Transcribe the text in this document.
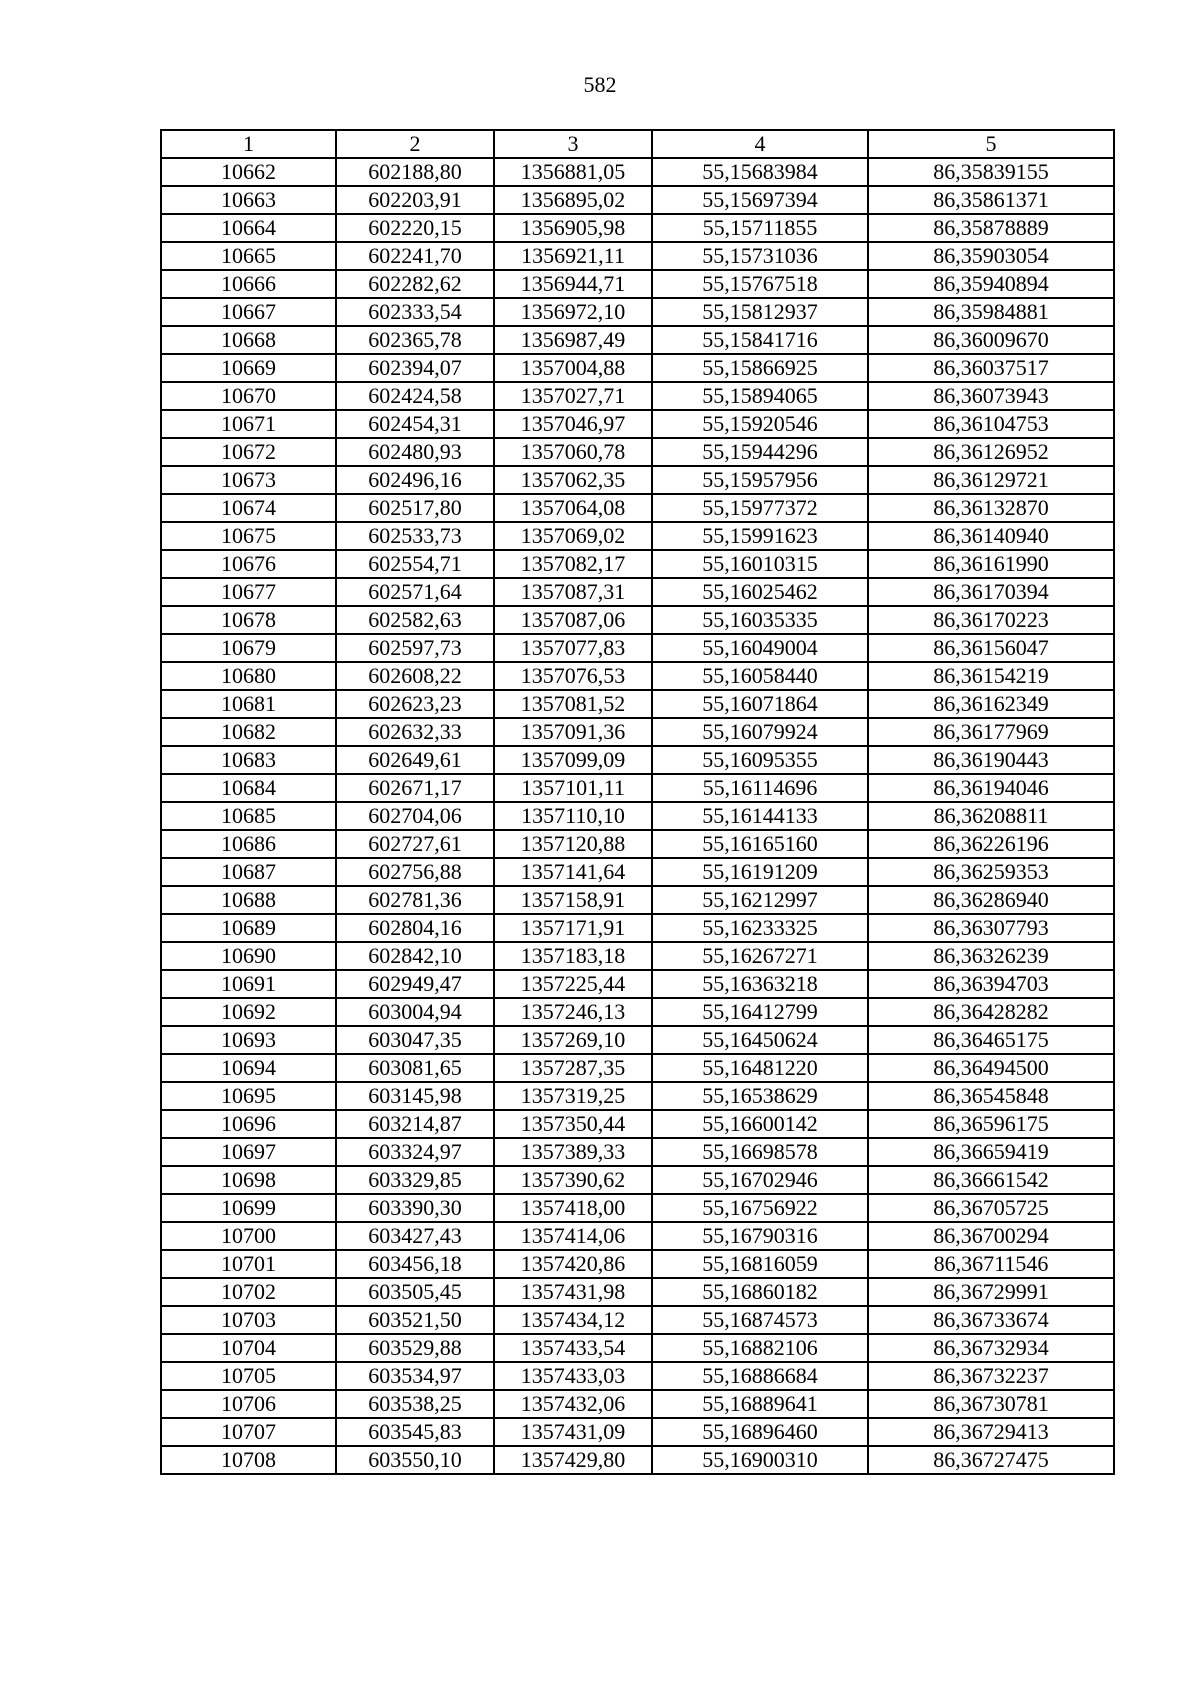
582
1	2	3	4	5
10662	602188,80	1356881,05	55,15683984	86,35839155
10663	602203,91	1356895,02	55,15697394	86,35861371
10664	602220,15	1356905,98	55,15711855	86,35878889
10665	602241,70	1356921,11	55,15731036	86,35903054
10666	602282,62	1356944,71	55,15767518	86,35940894
10667	602333,54	1356972,10	55,15812937	86,35984881
10668	602365,78	1356987,49	55,15841716	86,36009670
10669	602394,07	1357004,88	55,15866925	86,36037517
10670	602424,58	1357027,71	55,15894065	86,36073943
10671	602454,31	1357046,97	55,15920546	86,36104753
10672	602480,93	1357060,78	55,15944296	86,36126952
10673	602496,16	1357062,35	55,15957956	86,36129721
10674	602517,80	1357064,08	55,15977372	86,36132870
10675	602533,73	1357069,02	55,15991623	86,36140940
10676	602554,71	1357082,17	55,16010315	86,36161990
10677	602571,64	1357087,31	55,16025462	86,36170394
10678	602582,63	1357087,06	55,16035335	86,36170223
10679	602597,73	1357077,83	55,16049004	86,36156047
10680	602608,22	1357076,53	55,16058440	86,36154219
10681	602623,23	1357081,52	55,16071864	86,36162349
10682	602632,33	1357091,36	55,16079924	86,36177969
10683	602649,61	1357099,09	55,16095355	86,36190443
10684	602671,17	1357101,11	55,16114696	86,36194046
10685	602704,06	1357110,10	55,16144133	86,36208811
10686	602727,61	1357120,88	55,16165160	86,36226196
10687	602756,88	1357141,64	55,16191209	86,36259353
10688	602781,36	1357158,91	55,16212997	86,36286940
10689	602804,16	1357171,91	55,16233325	86,36307793
10690	602842,10	1357183,18	55,16267271	86,36326239
10691	602949,47	1357225,44	55,16363218	86,36394703
10692	603004,94	1357246,13	55,16412799	86,36428282
10693	603047,35	1357269,10	55,16450624	86,36465175
10694	603081,65	1357287,35	55,16481220	86,36494500
10695	603145,98	1357319,25	55,16538629	86,36545848
10696	603214,87	1357350,44	55,16600142	86,36596175
10697	603324,97	1357389,33	55,16698578	86,36659419
10698	603329,85	1357390,62	55,16702946	86,36661542
10699	603390,30	1357418,00	55,16756922	86,36705725
10700	603427,43	1357414,06	55,16790316	86,36700294
10701	603456,18	1357420,86	55,16816059	86,36711546
10702	603505,45	1357431,98	55,16860182	86,36729991
10703	603521,50	1357434,12	55,16874573	86,36733674
10704	603529,88	1357433,54	55,16882106	86,36732934
10705	603534,97	1357433,03	55,16886684	86,36732237
10706	603538,25	1357432,06	55,16889641	86,36730781
10707	603545,83	1357431,09	55,16896460	86,36729413
10708	603550,10	1357429,80	55,16900310	86,36727475
